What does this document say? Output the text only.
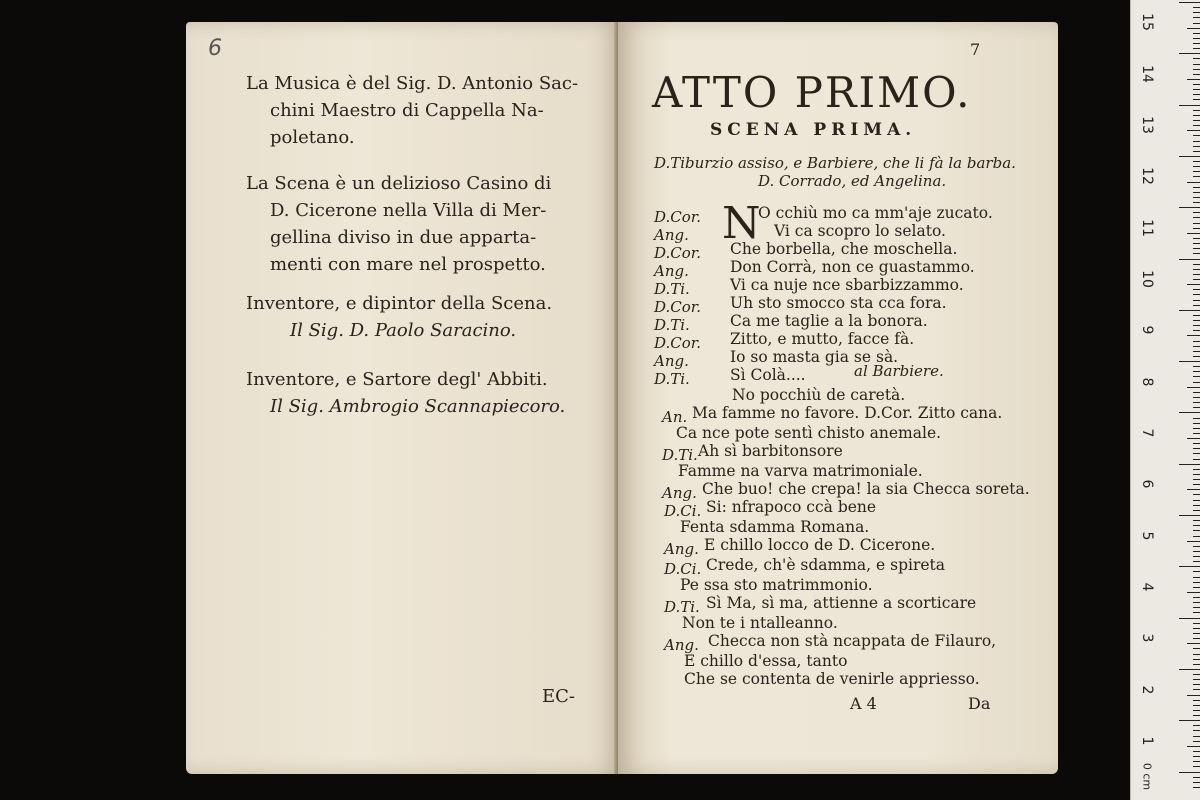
6
La Musica è del Sig. D. Antonio Sac-
chini Maestro di Cappella Na-
poletano.
La Scena è un delizioso Casino di
D. Cicerone nella Villa di Mer-
gellina diviso in due apparta-
menti con mare nel prospetto.
Inventore, e dipintor della Scena.
Il Sig. D. Paolo Saracino.
Inventore, e Sartore degl' Abbiti.
Il Sig. Ambrogio Scannapiecoro.
EC-
7
ATTO PRIMO.
SCENA PRIMA.
D.Tiburzio assiso, e Barbiere, che li fà la barba.
D. Corrado, ed Angelina.
N
D.Cor.	O cchiù mo ca mm'aje zucato.
Ang.	Vi ca scopro lo selato.
D.Cor. Che borbella, che moschella.
Ang.	Don Corrà, non ce guastammo.
D.Ti.	Vi ca nuje nce sbarbizzammo.
D.Cor. Uh sto smocco sta cca fora.
D.Ti.	Ca me taglie a la bonora.
D.Cor. Zitto, e mutto, facce fà.
Ang.	Io so masta gia se sà.
D.Ti.	Sì Colà....	al Barbiere.
No pocchiù de caretà.
An. Ma famme no favore. D.Cor. Zitto cana.
Ca nce pote sentì chisto anemale.
D.Ti. Ah sì barbitonsore
Famme na varva matrimoniale.
Ang. Che buo! che crepa! la sia Checca soreta.
D.Ci. Si: nfrapoco ccà bene
Fenta sdamma Romana.
Ang. E chillo locco de D. Cicerone.
D.Ci. Crede, ch'è sdamma, e spireta
Pe ssa sto matrimmonio.
D.Ti. Sì Ma, sì ma, attienne a scorticare
Non te i ntalleanno.
Ang. Checca non stà ncappata de Filauro,
E chillo d'essa, tanto
Che se contenta de venirle appriesso.
A 4	Da
15
14
13
12
11
10
9
8
7
6
5
4
3
2
1
0 cm
